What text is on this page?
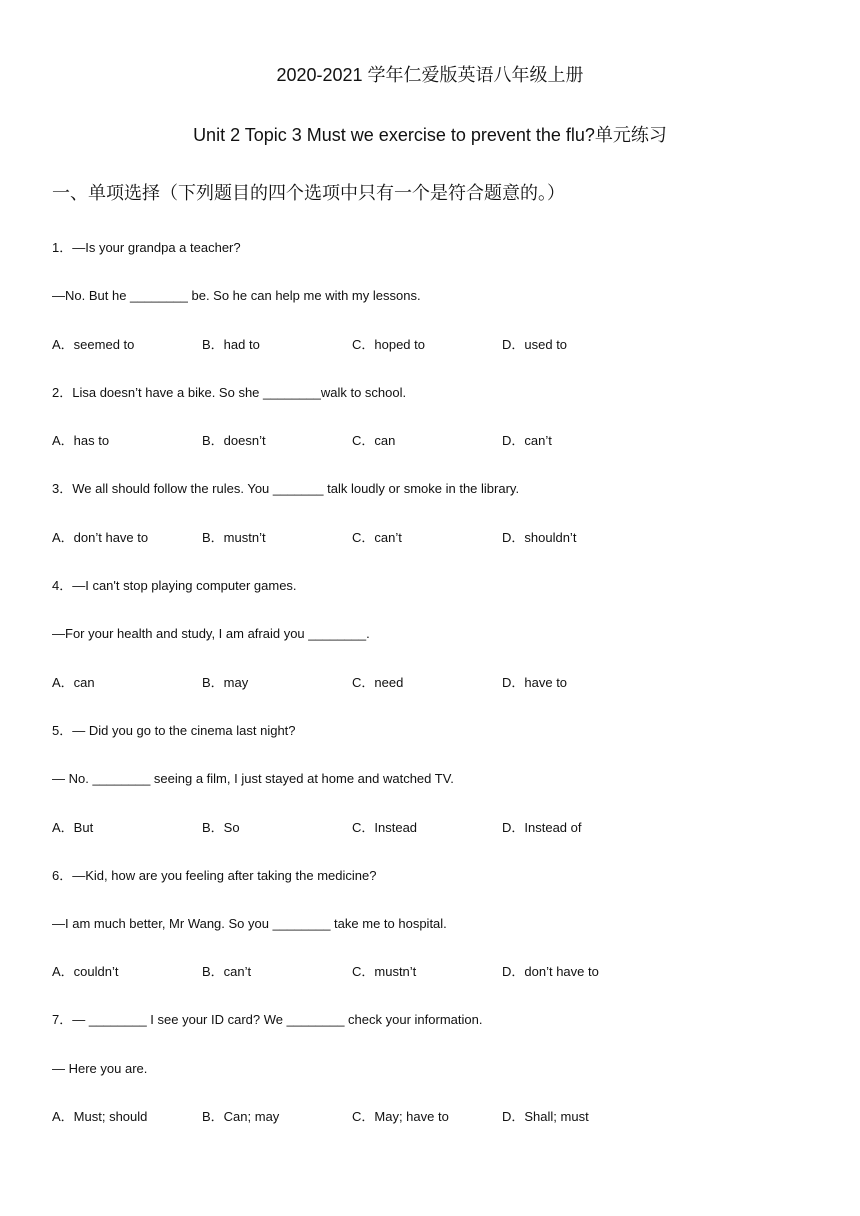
2020-2021 学年仁爱版英语八年级上册
Unit 2 Topic 3 Must we exercise to prevent the flu?单元练习
一、单项选择（下列题目的四个选项中只有一个是符合题意的。）
1．—Is your grandpa a teacher?
—No. But he ________ be. So he can help me with my lessons.
A．seemed to	B．had to	C．hoped to	D．used to
2．Lisa doesn’t have a bike. So she ________walk to school.
A．has to	B．doesn’t	C．can	D．can’t
3．We all should follow the rules. You _______ talk loudly or smoke in the library.
A．don’t have to	B．mustn’t	C．can’t	D．shouldn’t
4．—I can't stop playing computer games.
—For your health and study, I am afraid you ________.
A．can	B．may	C．need	D．have to
5．— Did you go to the cinema last night?
— No. ________ seeing a film, I just stayed at home and watched TV.
A．But	B．So	C．Instead	D．Instead of
6．—Kid, how are you feeling after taking the medicine?
—I am much better, Mr Wang. So you ________ take me to hospital.
A．couldn’t	B．can’t	C．mustn’t	D．don’t have to
7．— ________ I see your ID card? We ________ check your information.
— Here you are.
A．Must; should	B．Can; may	C．May; have to	D．Shall; must
